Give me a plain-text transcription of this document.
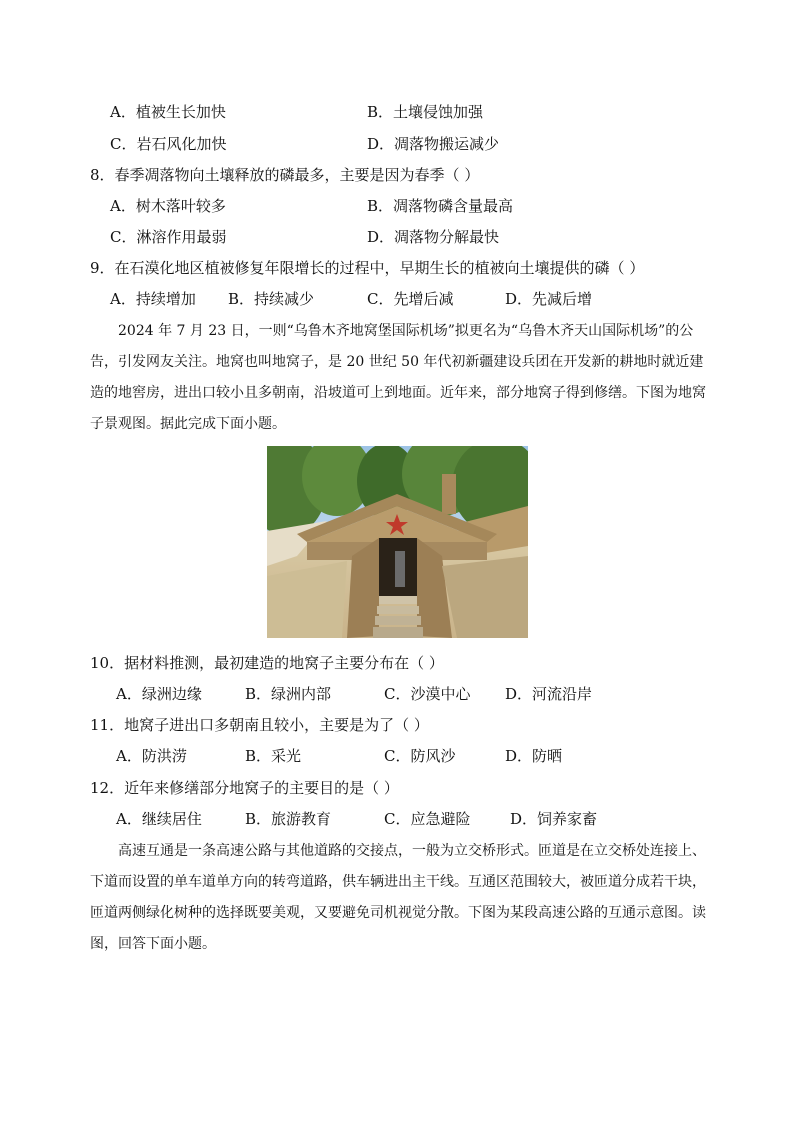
A．植被生长加快	B．土壤侵蚀加强
C．岩石风化加快	D．凋落物搬运减少
8．春季凋落物向土壤释放的磷最多，主要是因为春季（ ）
A．树木落叶较多	B．凋落物磷含量最高
C．淋溶作用最弱	D．凋落物分解最快
9．在石漠化地区植被修复年限增长的过程中，早期生长的植被向土壤提供的磷（ ）
A．持续增加 B．持续减少	C．先增后减	D．先减后增

2024 年 7 月 23 日，一则“乌鲁木齐地窝堡国际机场”拟更名为“乌鲁木齐天山国际机场”的公告，引发网友关注。地窝也叫地窝子，是 20 世纪 50 年代初新疆建设兵团在开发新的耕地时就近建造的地窖房，进出口较小且多朝南，沿坡道可上到地面。近年来，部分地窝子得到修缮。下图为地窝子景观图。据此完成下面小题。

10．据材料推测，最初建造的地窝子主要分布在（ ）
A．绿洲边缘	B．绿洲内部	C．沙漠中心 D．河流沿岸
11．地窝子进出口多朝南且较小，主要是为了（ ）
A．防洪涝	B．采光	C．防风沙	D．防晒
12．近年来修缮部分地窝子的主要目的是（ ）
A．继续居住	B．旅游教育	C．应急避险	D．饲养家畜

高速互通是一条高速公路与其他道路的交接点，一般为立交桥形式。匝道是在立交桥处连接上、下道而设置的单车道单方向的转弯道路，供车辆进出主干线。互通区范围较大，被匝道分成若干块，匝道两侧绿化树种的选择既要美观，又要避免司机视觉分散。下图为某段高速公路的互通示意图。读图，回答下面小题。
